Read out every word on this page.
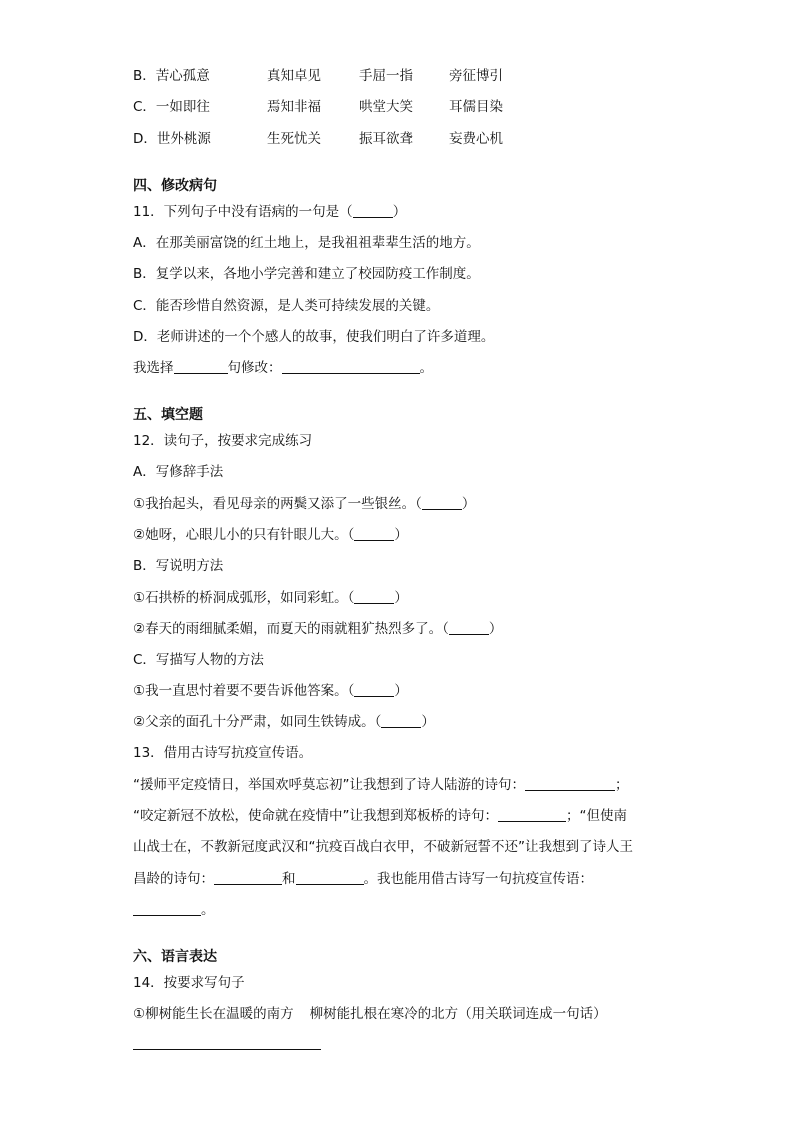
B．苦心孤意	真知卓见	手屈一指	旁征博引
C．一如即往	焉知非福	哄堂大笑	耳儒目染
D．世外桃源	生死忧关	振耳欲聋	妄费心机
四、修改病句
11．下列句子中没有语病的一句是（	）
A．在那美丽富饶的红土地上，是我祖祖辈辈生活的地方。
B．复学以来，各地小学完善和建立了校园防疫工作制度。
C．能否珍惜自然资源，是人类可持续发展的关键。
D．老师讲述的一个个感人的故事，使我们明白了许多道理。
我选择	句修改：	。
五、填空题
12．读句子，按要求完成练习
A．写修辞手法
①我抬起头，看见母亲的两鬓又添了一些银丝。（	）
②她呀，心眼儿小的只有针眼儿大。（	）
B．写说明方法
①石拱桥的桥洞成弧形，如同彩虹。（	）
②春天的雨细腻柔媚，而夏天的雨就粗犷热烈多了。（	）
C．写描写人物的方法
①我一直思忖着要不要告诉他答案。（	）
②父亲的面孔十分严肃，如同生铁铸成。（	）
13．借用古诗写抗疫宣传语。
“援师平定疫情日，举国欢呼莫忘初”让我想到了诗人陆游的诗句：	；
“咬定新冠不放松，使命就在疫情中”让我想到郑板桥的诗句：	；“但使南
山战士在，不教新冠度武汉和“抗疫百战白衣甲，不破新冠誓不还”让我想到了诗人王
昌龄的诗句：	和	。我也能用借古诗写一句抗疫宣传语：
。
六、语言表达
14．按要求写句子
①柳树能生长在温暖的南方 柳树能扎根在寒冷的北方（用关联词连成一句话）
